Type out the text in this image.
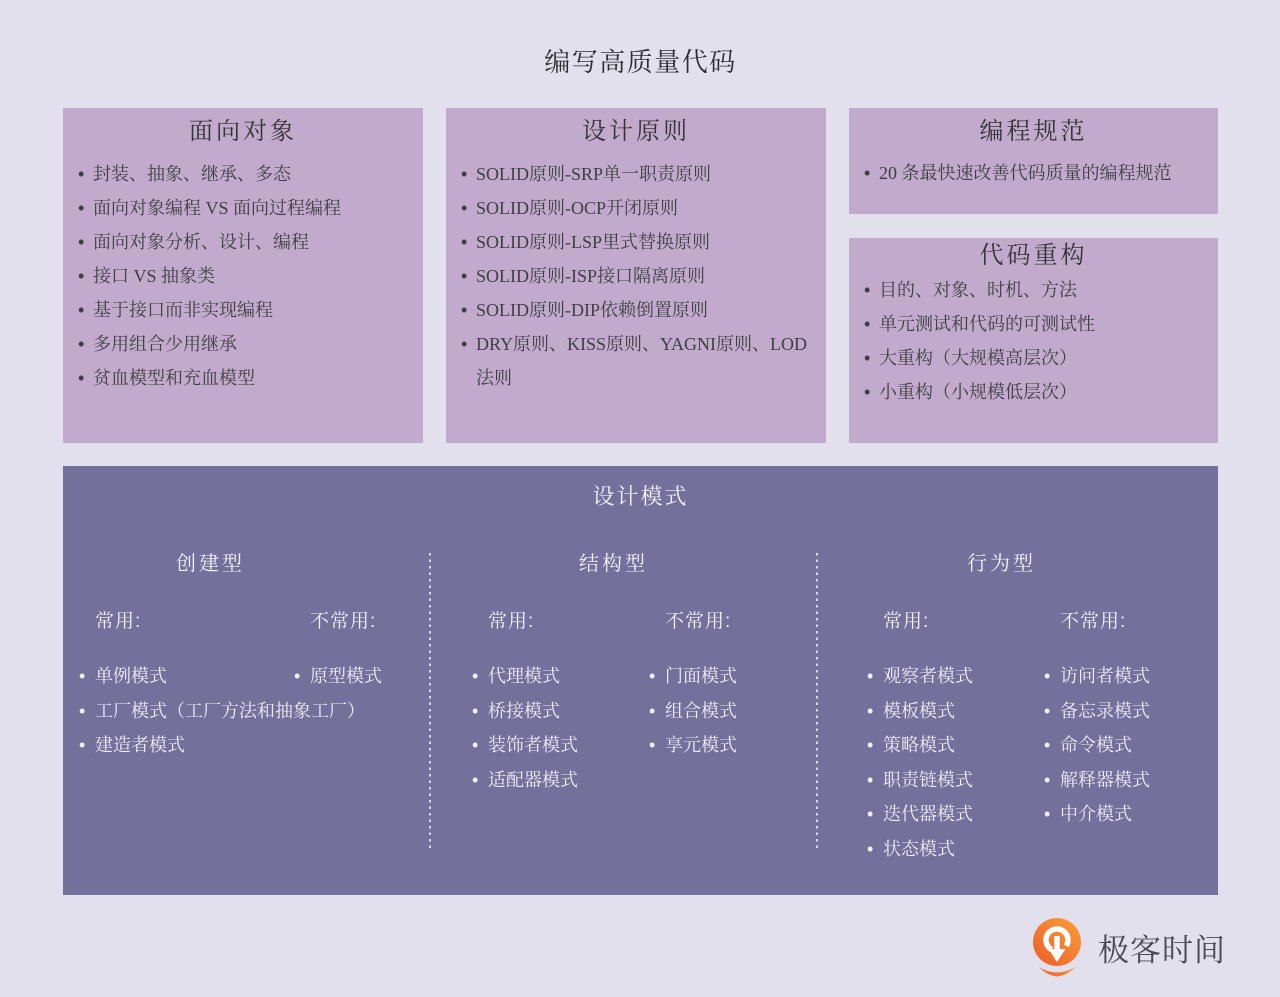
编写高质量代码
面向对象
• 封装、抽象、继承、多态
• 面向对象编程 VS 面向过程编程
• 面向对象分析、设计、编程
• 接口 VS 抽象类
• 基于接口而非实现编程
• 多用组合少用继承
• 贫血模型和充血模型
设计原则
• SOLID原则-SRP单一职责原则
• SOLID原则-OCP开闭原则
• SOLID原则-LSP里式替换原则
• SOLID原则-ISP接口隔离原则
• SOLID原则-DIP依赖倒置原则
• DRY原则、KISS原则、YAGNI原则、LOD法则
编程规范
• 20 条最快速改善代码质量的编程规范
代码重构
• 目的、对象、时机、方法
• 单元测试和代码的可测试性
• 大重构（大规模高层次）
• 小重构（小规模低层次）
设计模式
创建型
常用:
• 单例模式
• 工厂模式（工厂方法和抽象工厂）
• 建造者模式
不常用:
• 原型模式
结构型
常用:
• 代理模式
• 桥接模式
• 装饰者模式
• 适配器模式
不常用:
• 门面模式
• 组合模式
• 享元模式
行为型
常用:
• 观察者模式
• 模板模式
• 策略模式
• 职责链模式
• 迭代器模式
• 状态模式
不常用:
• 访问者模式
• 备忘录模式
• 命令模式
• 解释器模式
• 中介模式
极客时间
